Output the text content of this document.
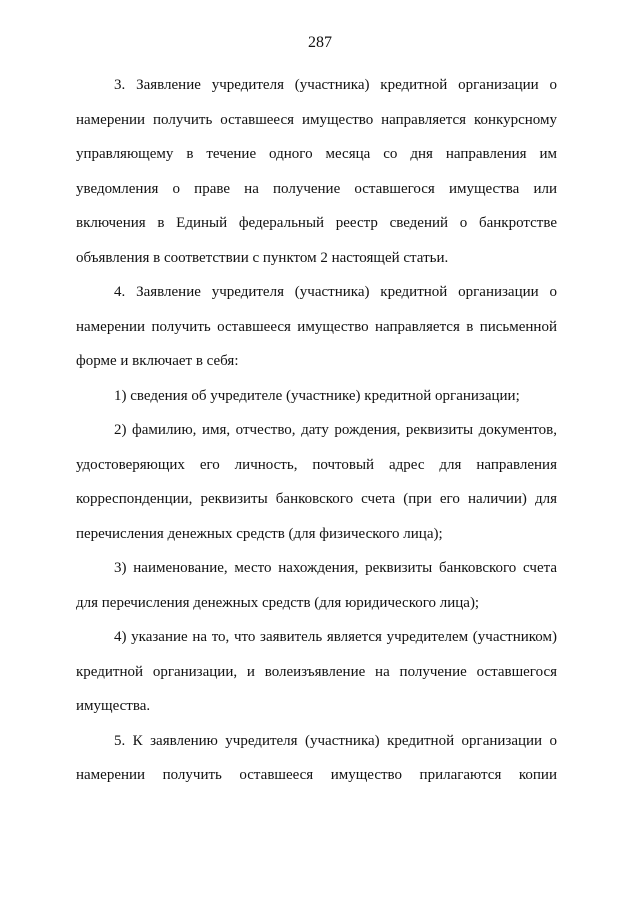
287

3. Заявление учредителя (участника) кредитной организации о намерении получить оставшееся имущество направляется конкурсному управляющему в течение одного месяца со дня направления им уведомления о праве на получение оставшегося имущества или включения в Единый федеральный реестр сведений о банкротстве объявления в соответствии с пунктом 2 настоящей статьи.

4. Заявление учредителя (участника) кредитной организации о намерении получить оставшееся имущество направляется в письменной форме и включает в себя:

1) сведения об учредителе (участнике) кредитной организации;

2) фамилию, имя, отчество, дату рождения, реквизиты документов, удостоверяющих его личность, почтовый адрес для направления корреспонденции, реквизиты банковского счета (при его наличии) для перечисления денежных средств (для физического лица);

3) наименование, место нахождения, реквизиты банковского счета для перечисления денежных средств (для юридического лица);

4) указание на то, что заявитель является учредителем (участником) кредитной организации, и волеизъявление на получение оставшегося имущества.

5. К заявлению учредителя (участника) кредитной организации о намерении получить оставшееся имущество прилагаются копии
